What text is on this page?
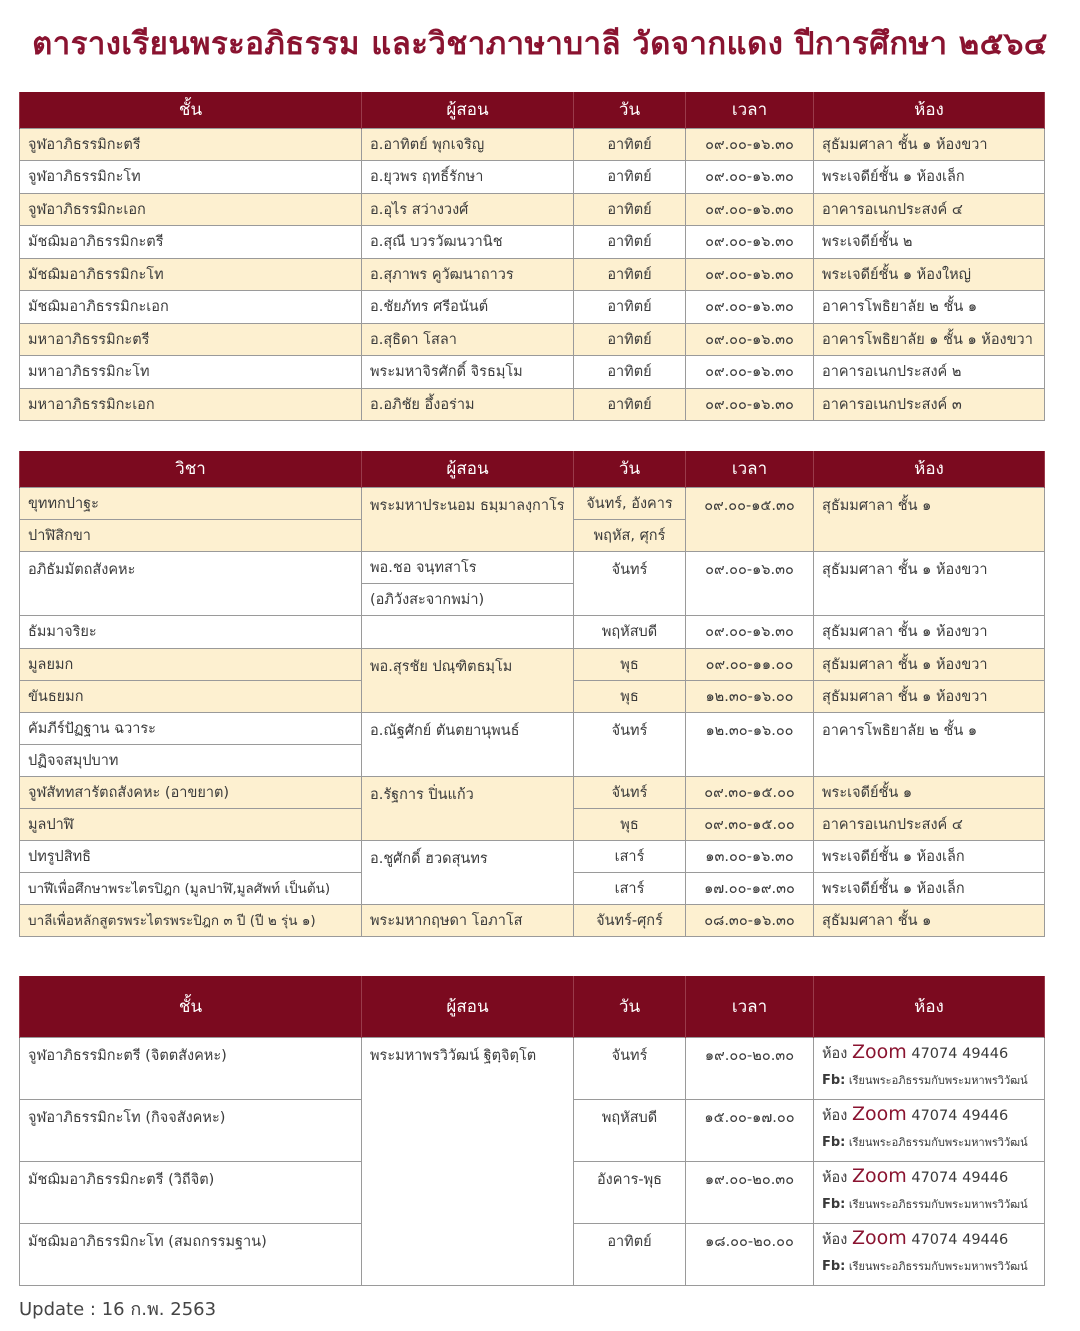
ตารางเรียนพระอภิธรรม และวิชาภาษาบาลี วัดจากแดง ปีการศึกษา ๒๕๖๔
ชั้น	ผู้สอน	วัน	เวลา	ห้อง
จูฬอาภิธรรมิกะตรี	อ.อาทิตย์ พุกเจริญ	อาทิตย์	๐๙.๐๐-๑๖.๓๐	สุธัมมศาลา ชั้น ๑ ห้องขวา
จูฬอาภิธรรมิกะโท	อ.ยุวพร ฤทธิ์รักษา	อาทิตย์	๐๙.๐๐-๑๖.๓๐	พระเจดีย์ชั้น ๑ ห้องเล็ก
จูฬอาภิธรรมิกะเอก	อ.อุไร สว่างวงศ์	อาทิตย์	๐๙.๐๐-๑๖.๓๐	อาคารอเนกประสงค์ ๔
มัชฌิมอาภิธรรมิกะตรี	อ.สุณี บวรวัฒนวานิช	อาทิตย์	๐๙.๐๐-๑๖.๓๐	พระเจดีย์ชั้น ๒
มัชฌิมอาภิธรรมิกะโท	อ.สุภาพร คูวัฒนาถาวร	อาทิตย์	๐๙.๐๐-๑๖.๓๐	พระเจดีย์ชั้น ๑ ห้องใหญ่
มัชฌิมอาภิธรรมิกะเอก	อ.ชัยภัทร ศรีอนันต์	อาทิตย์	๐๙.๐๐-๑๖.๓๐	อาคารโพธิยาลัย ๒ ชั้น ๑
มหาอาภิธรรมิกะตรี	อ.สุธิดา โสลา	อาทิตย์	๐๙.๐๐-๑๖.๓๐	อาคารโพธิยาลัย ๑ ชั้น ๑ ห้องขวา
มหาอาภิธรรมิกะโท	พระมหาจิรศักดิ์ จิรธมฺโม	อาทิตย์	๐๙.๐๐-๑๖.๓๐	อาคารอเนกประสงค์ ๒
มหาอาภิธรรมิกะเอก	อ.อภิชัย อึ้งอร่าม	อาทิตย์	๐๙.๐๐-๑๖.๓๐	อาคารอเนกประสงค์ ๓
วิชา	ผู้สอน	วัน	เวลา	ห้อง
ขุททกปาฐะ	พระมหาประนอม ธมฺมาลงฺกาโร	จันทร์, อังคาร	๐๙.๐๐-๑๕.๓๐	สุธัมมศาลา ชั้น ๑
ปาฬิสิกขา		พฤหัส, ศุกร์		
อภิธัมมัตถสังคหะ	พอ.ชอ จนฺทสาโร	จันทร์	๐๙.๐๐-๑๖.๓๐	สุธัมมศาลา ชั้น ๑ ห้องขวา
	(อภิวังสะจากพม่า)			
ธัมมาจริยะ		พฤหัสบดี	๐๙.๐๐-๑๖.๓๐	สุธัมมศาลา ชั้น ๑ ห้องขวา
มูลยมก	พอ.สุรชัย ปณฺฑิตธมฺโม	พุธ	๐๙.๐๐-๑๑.๐๐	สุธัมมศาลา ชั้น ๑ ห้องขวา
ขันธยมก		พุธ	๑๒.๓๐-๑๖.๐๐	สุธัมมศาลา ชั้น ๑ ห้องขวา
คัมภีร์ปัฏฐาน ฉวาระ	อ.ณัฐศักย์ ตันตยานุพนธ์	จันทร์	๑๒.๓๐-๑๖.๐๐	อาคารโพธิยาลัย ๒ ชั้น ๑
ปฏิจจสมุปบาท				
จูฬสัททสารัตถสังคหะ (อาขยาต)	อ.รัฐการ ปิ่นแก้ว	จันทร์	๐๙.๓๐-๑๕.๐๐	พระเจดีย์ชั้น ๑
มูลปาฬิ		พุธ	๐๙.๓๐-๑๕.๐๐	อาคารอเนกประสงค์ ๔
ปทรูปสิทธิ	อ.ชูศักดิ์ ฮวดสุนทร	เสาร์	๑๓.๐๐-๑๖.๓๐	พระเจดีย์ชั้น ๑ ห้องเล็ก
บาฬีเพื่อศึกษาพระไตรปิฎก (มูลปาฬิ,มูลศัพท์ เป็นต้น)		เสาร์	๑๗.๐๐-๑๙.๓๐	พระเจดีย์ชั้น ๑ ห้องเล็ก
บาลีเพื่อหลักสูตรพระไตรพระปิฎก ๓ ปี (ปี ๒ รุ่น ๑)	พระมหากฤษดา โอภาโส	จันทร์-ศุกร์	๐๘.๓๐-๑๖.๓๐	สุธัมมศาลา ชั้น ๑
ชั้น	ผู้สอน	วัน	เวลา	ห้อง
จูฬอาภิธรรมิกะตรี (จิตตสังคหะ)	พระมหาพรวิวัฒน์ ฐิตฺจิตฺโต	จันทร์	๑๙.๐๐-๒๐.๓๐	ห้อง Zoom 47074 49446
Fb: เรียนพระอภิธรรมกับพระมหาพรวิวัฒน์

จูฬอาภิธรรมิกะโท (กิจจสังคหะ)		พฤหัสบดี	๑๕.๐๐-๑๗.๐๐	ห้อง Zoom 47074 49446
Fb: เรียนพระอภิธรรมกับพระมหาพรวิวัฒน์

มัชฌิมอาภิธรรมิกะตรี (วิถีจิต)		อังคาร-พุธ	๑๙.๐๐-๒๐.๓๐	ห้อง Zoom 47074 49446
Fb: เรียนพระอภิธรรมกับพระมหาพรวิวัฒน์

มัชฌิมอาภิธรรมิกะโท (สมถกรรมฐาน)		อาทิตย์	๑๘.๐๐-๒๐.๐๐	ห้อง Zoom 47074 49446
Fb: เรียนพระอภิธรรมกับพระมหาพรวิวัฒน์
Update : 16 ก.พ. 2563
